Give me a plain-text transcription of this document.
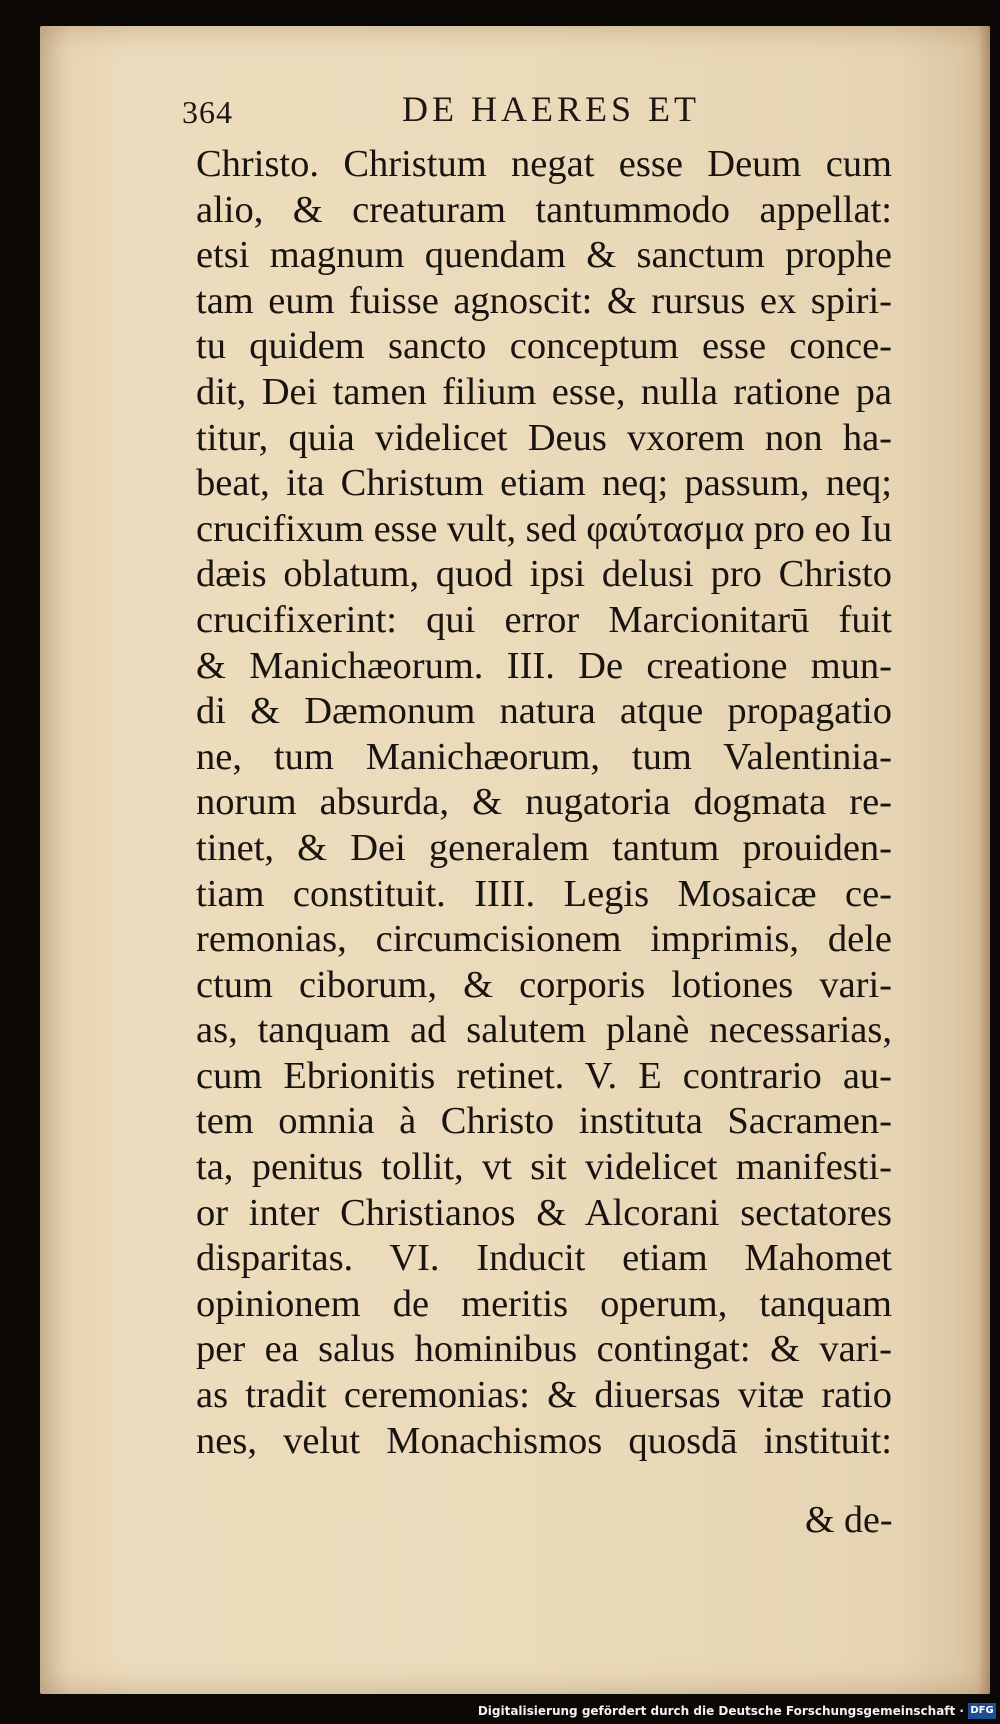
364	DE HAERES ET
Christo. Christum negat esse Deum cum
alio, & creaturam tantummodo appellat:
etsi magnum quendam & sanctum prophe
tam eum fuisse agnoscit: & rursus ex spiri-
tu quidem sancto conceptum esse conce-
dit, Dei tamen filium esse, nulla ratione pa
titur, quia videlicet Deus vxorem non ha-
beat, ita Christum etiam neq; passum, neq;
crucifixum esse vult, sed φαύτασμα pro eo Iu
dæis oblatum, quod ipsi delusi pro Christo
crucifixerint: qui error Marcionitarū fuit
& Manichæorum. III. De creatione mun-
di & Dæmonum natura atque propagatio
ne, tum Manichæorum, tum Valentinia-
norum absurda, & nugatoria dogmata re-
tinet, & Dei generalem tantum prouiden-
tiam constituit. IIII. Legis Mosaicæ ce-
remonias, circumcisionem imprimis, dele
ctum ciborum, & corporis lotiones vari-
as, tanquam ad salutem planè necessarias,
cum Ebrionitis retinet. V. E contrario au-
tem omnia à Christo instituta Sacramen-
ta, penitus tollit, vt sit videlicet manifesti-
or inter Christianos & Alcorani sectatores
disparitas. VI. Inducit etiam Mahomet
opinionem de meritis operum, tanquam
per ea salus hominibus contingat: & vari-
as tradit ceremonias: & diuersas vitæ ratio
nes, velut Monachismos quosdā instituit:
& de-
Digitalisierung gefördert durch die Deutsche Forschungsgemeinschaft · DFG
